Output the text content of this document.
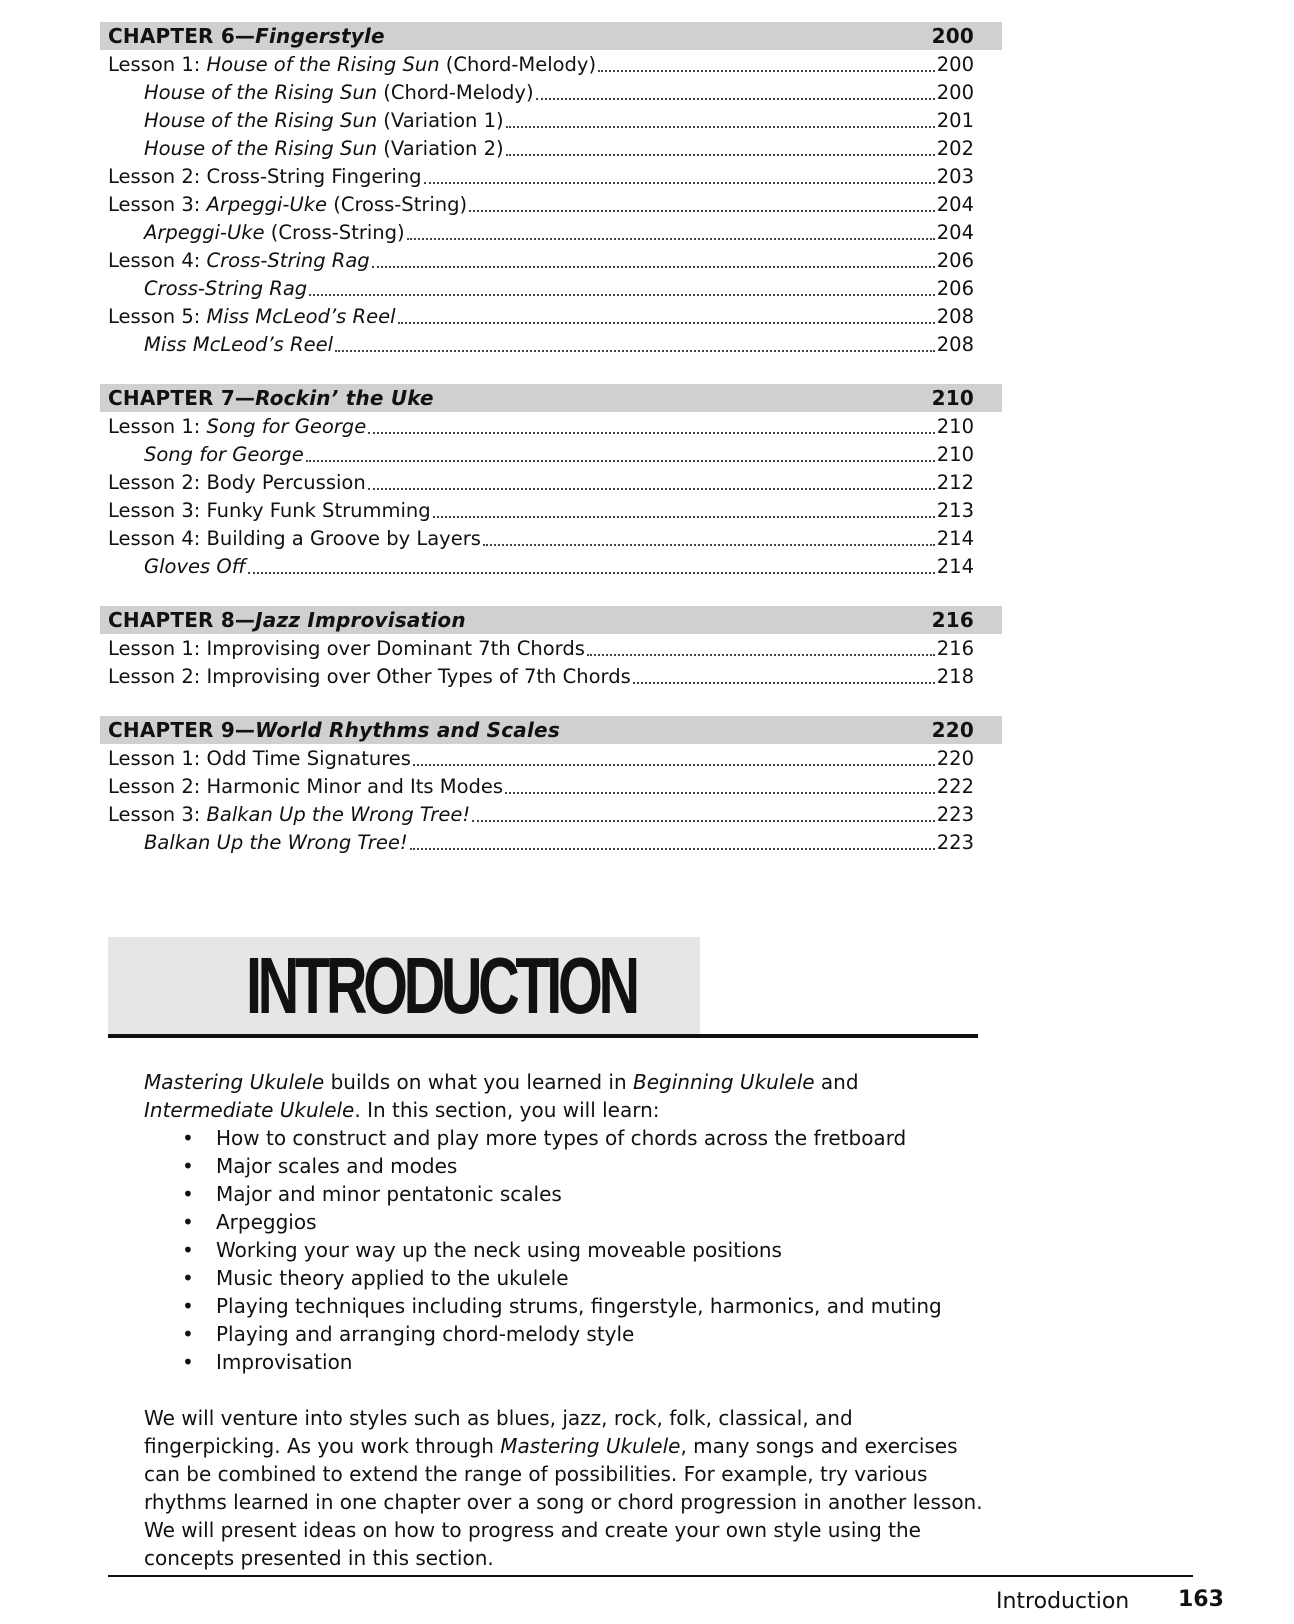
CHAPTER 6—Fingerstyle	200
Lesson 1: House of the Rising Sun (Chord-Melody)	200
House of the Rising Sun (Chord-Melody)	200
House of the Rising Sun (Variation 1)	201
House of the Rising Sun (Variation 2)	202
Lesson 2: Cross-String Fingering	203
Lesson 3: Arpeggi-Uke (Cross-String)	204
Arpeggi-Uke (Cross-String)	204
Lesson 4: Cross-String Rag	206
Cross-String Rag	206
Lesson 5: Miss McLeod’s Reel	208
Miss McLeod’s Reel	208
CHAPTER 7—Rockin’ the Uke	210
Lesson 1: Song for George	210
Song for George	210
Lesson 2: Body Percussion	212
Lesson 3: Funky Funk Strumming	213
Lesson 4: Building a Groove by Layers	214
Gloves Off	214
CHAPTER 8—Jazz Improvisation	216
Lesson 1: Improvising over Dominant 7th Chords	216
Lesson 2: Improvising over Other Types of 7th Chords	218
CHAPTER 9—World Rhythms and Scales	220
Lesson 1: Odd Time Signatures	220
Lesson 2: Harmonic Minor and Its Modes	222
Lesson 3: Balkan Up the Wrong Tree!	223
Balkan Up the Wrong Tree!	223
INTRODUCTION

Mastering Ukulele builds on what you learned in Beginning Ukulele and Intermediate Ukulele. In this section, you will learn:

• How to construct and play more types of chords across the fretboard
• Major scales and modes
• Major and minor pentatonic scales
• Arpeggios
• Working your way up the neck using moveable positions
• Music theory applied to the ukulele
• Playing techniques including strums, fingerstyle, harmonics, and muting
• Playing and arranging chord-melody style
• Improvisation

We will venture into styles such as blues, jazz, rock, folk, classical, and fingerpicking. As you work through Mastering Ukulele, many songs and exercises can be combined to extend the range of possibilities. For example, try various rhythms learned in one chapter over a song or chord progression in another lesson. We will present ideas on how to progress and create your own style using the concepts presented in this section.

Introduction 163
